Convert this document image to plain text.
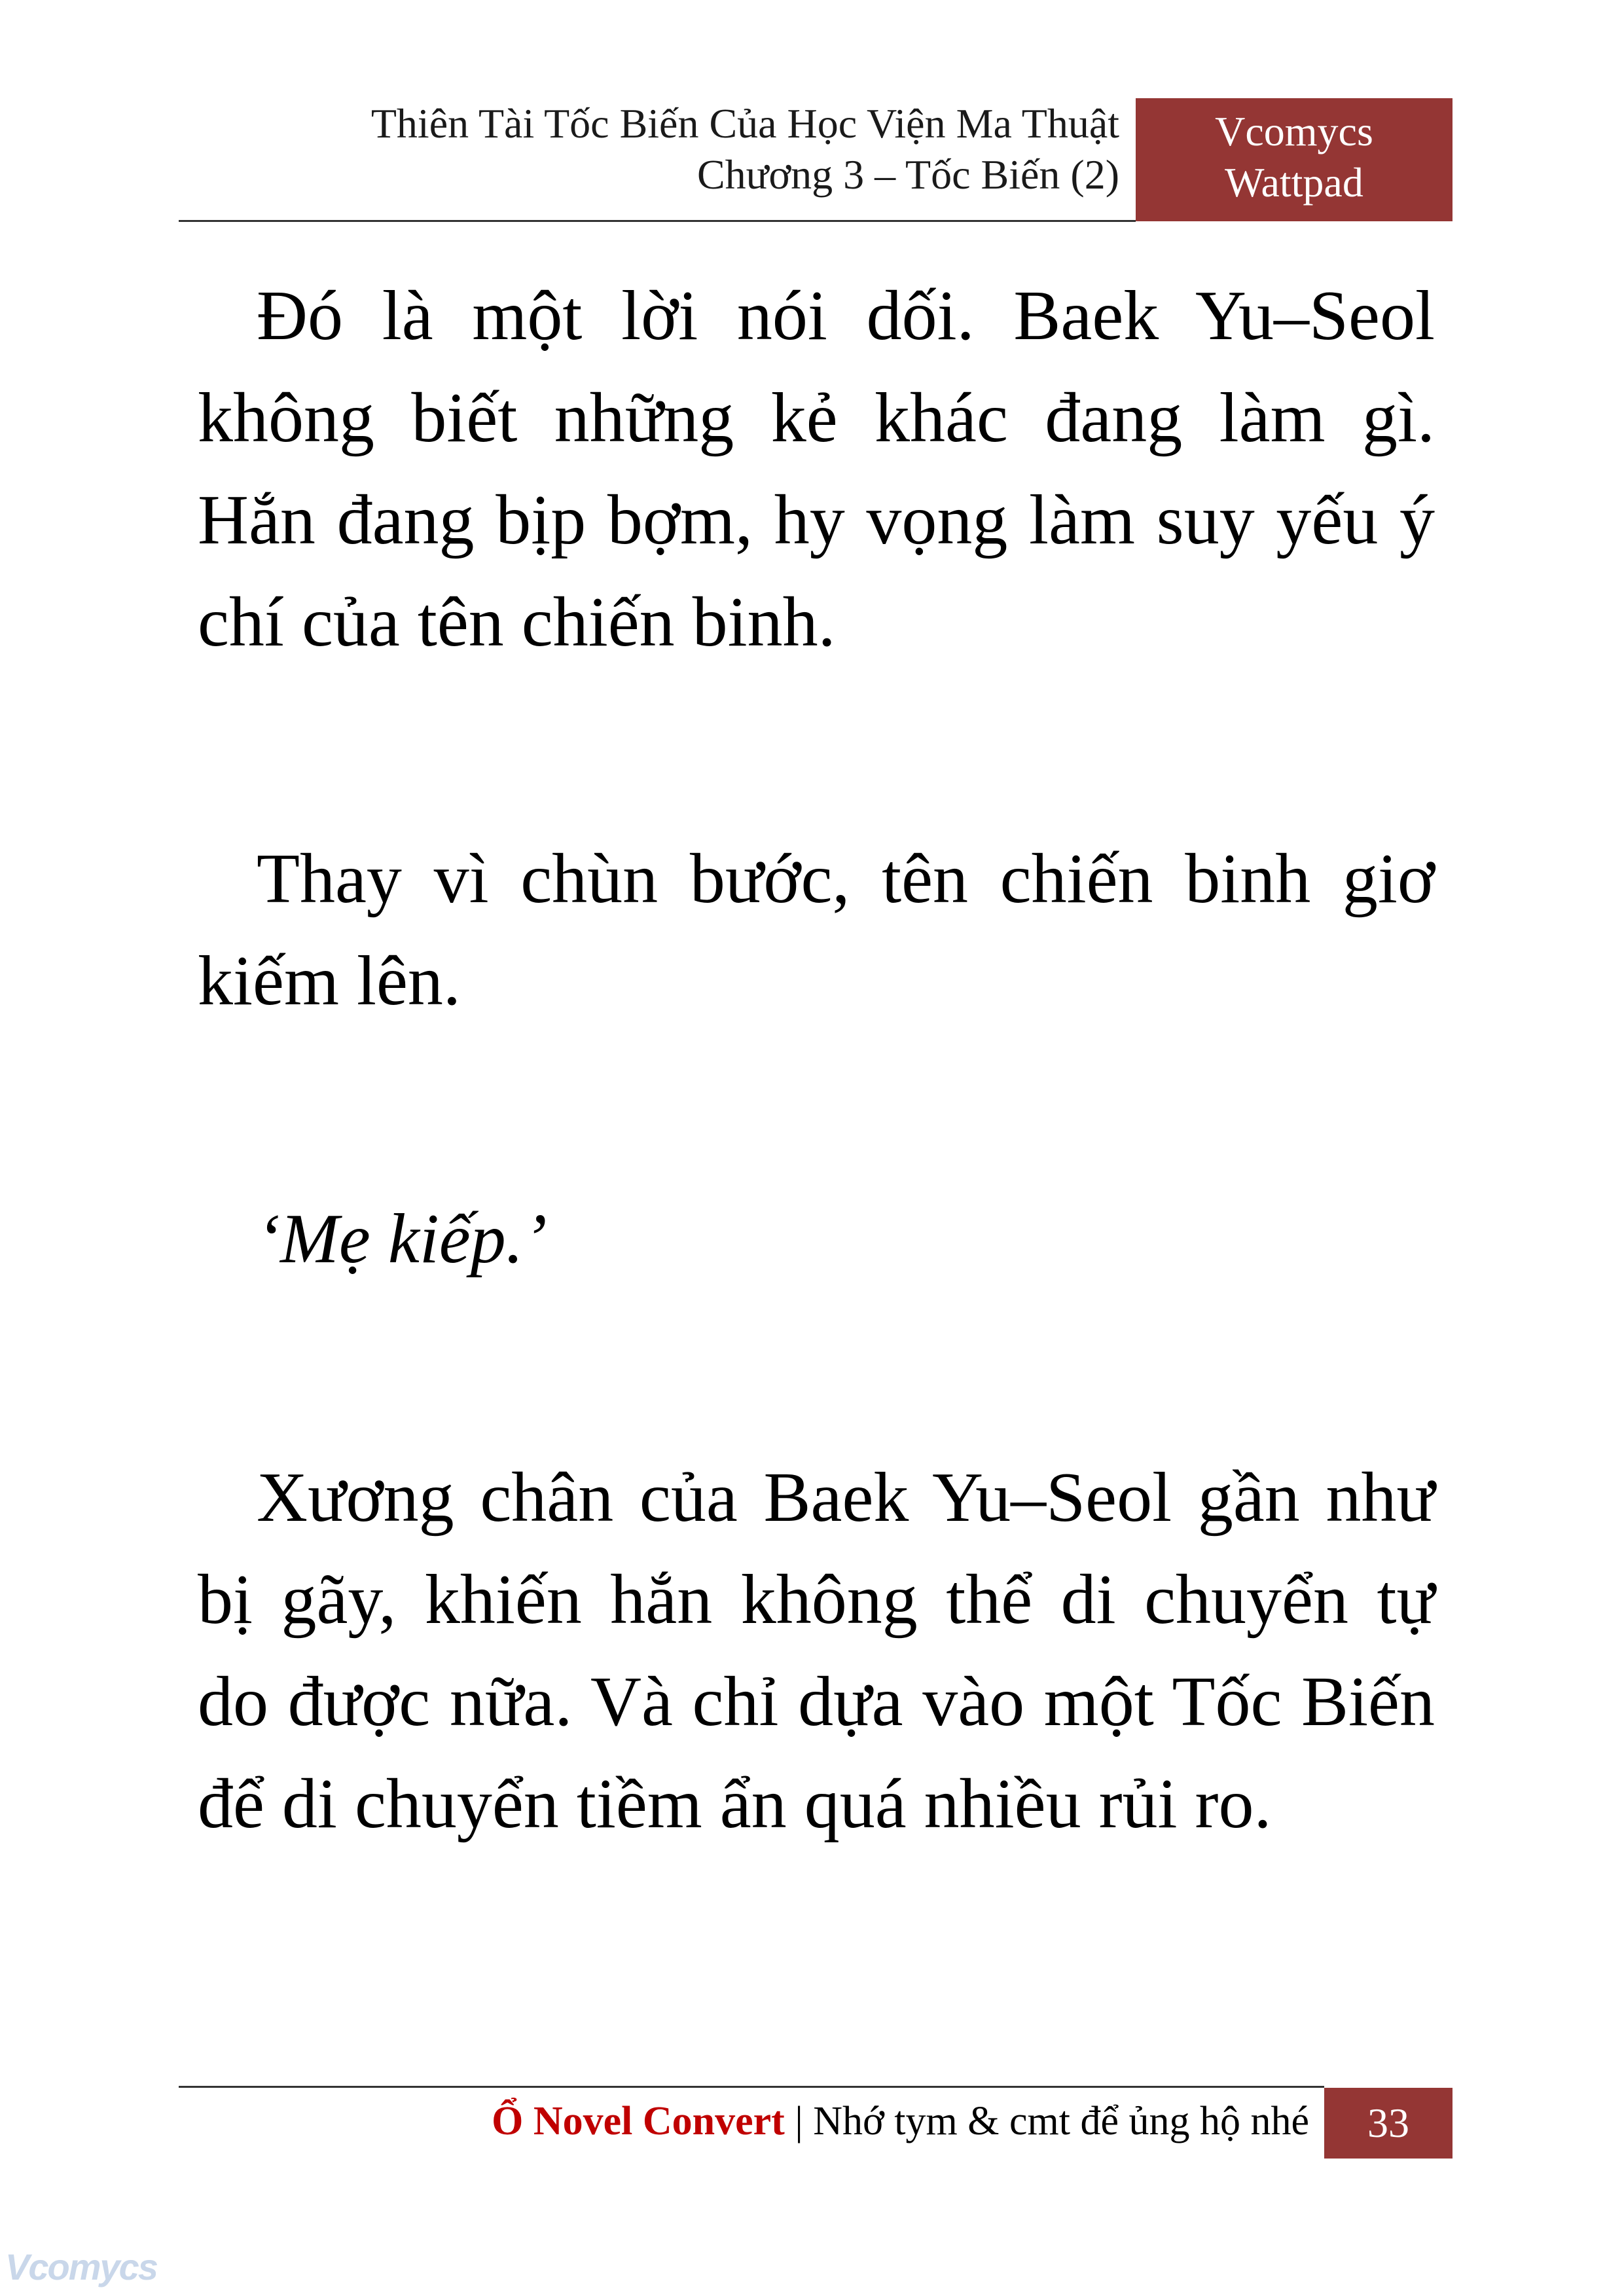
Thiên Tài Tốc Biến Của Học Viện Ma Thuật
Chương 3 – Tốc Biến (2)
Vcomycs
Wattpad

Đó là một lời nói dối. Baek Yu–Seol không biết những kẻ khác đang làm gì. Hắn đang bịp bợm, hy vọng làm suy yếu ý chí của tên chiến binh.

Thay vì chùn bước, tên chiến binh giơ kiếm lên.

‘Mẹ kiếp.’

Xương chân của Baek Yu–Seol gần như bị gãy, khiến hắn không thể di chuyển tự do được nữa. Và chỉ dựa vào một Tốc Biến để di chuyển tiềm ẩn quá nhiều rủi ro.

Ổ Novel Convert | Nhớ tym & cmt để ủng hộ nhé	33
Vcomycs
